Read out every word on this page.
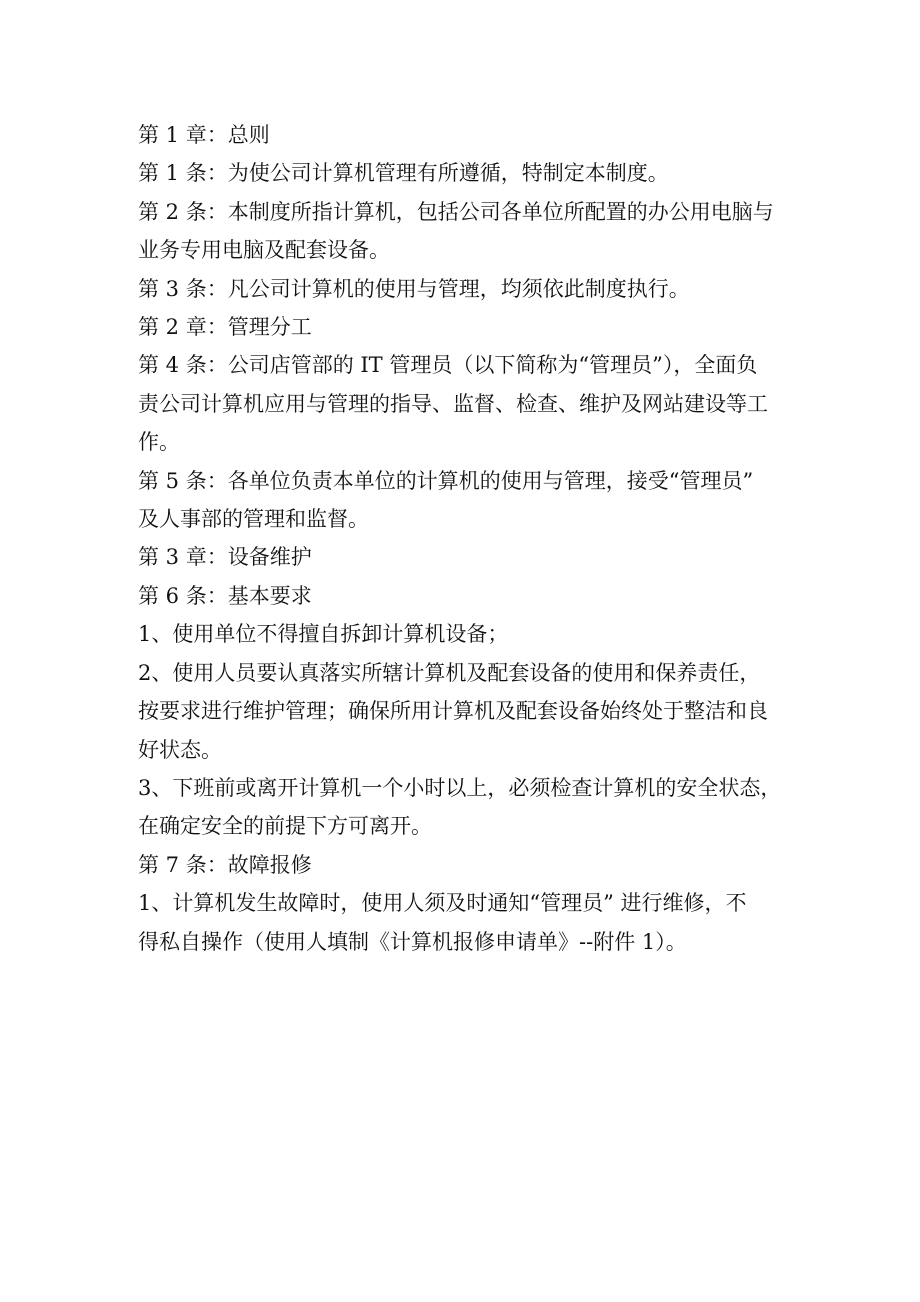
第 1 章：总则
第 1 条：为使公司计算机管理有所遵循，特制定本制度。
第 2 条：本制度所指计算机，包括公司各单位所配置的办公用电脑与
业务专用电脑及配套设备。
第 3 条：凡公司计算机的使用与管理，均须依此制度执行。
第 2 章：管理分工
第 4 条：公司店管部的 IT 管理员（以下简称为“管理员”），全面负
责公司计算机应用与管理的指导、监督、检查、维护及网站建设等工
作。
第 5 条：各单位负责本单位的计算机的使用与管理，接受“管理员”
及人事部的管理和监督。
第 3 章：设备维护
第 6 条：基本要求
1、使用单位不得擅自拆卸计算机设备；
2、使用人员要认真落实所辖计算机及配套设备的使用和保养责任，
按要求进行维护管理；确保所用计算机及配套设备始终处于整洁和良
好状态。
3、下班前或离开计算机一个小时以上，必须检查计算机的安全状态，
在确定安全的前提下方可离开。
第 7 条：故障报修
1、计算机发生故障时，使用人须及时通知“管理员” 进行维修，不
得私自操作（使用人填制《计算机报修申请单》--附件 1）。
